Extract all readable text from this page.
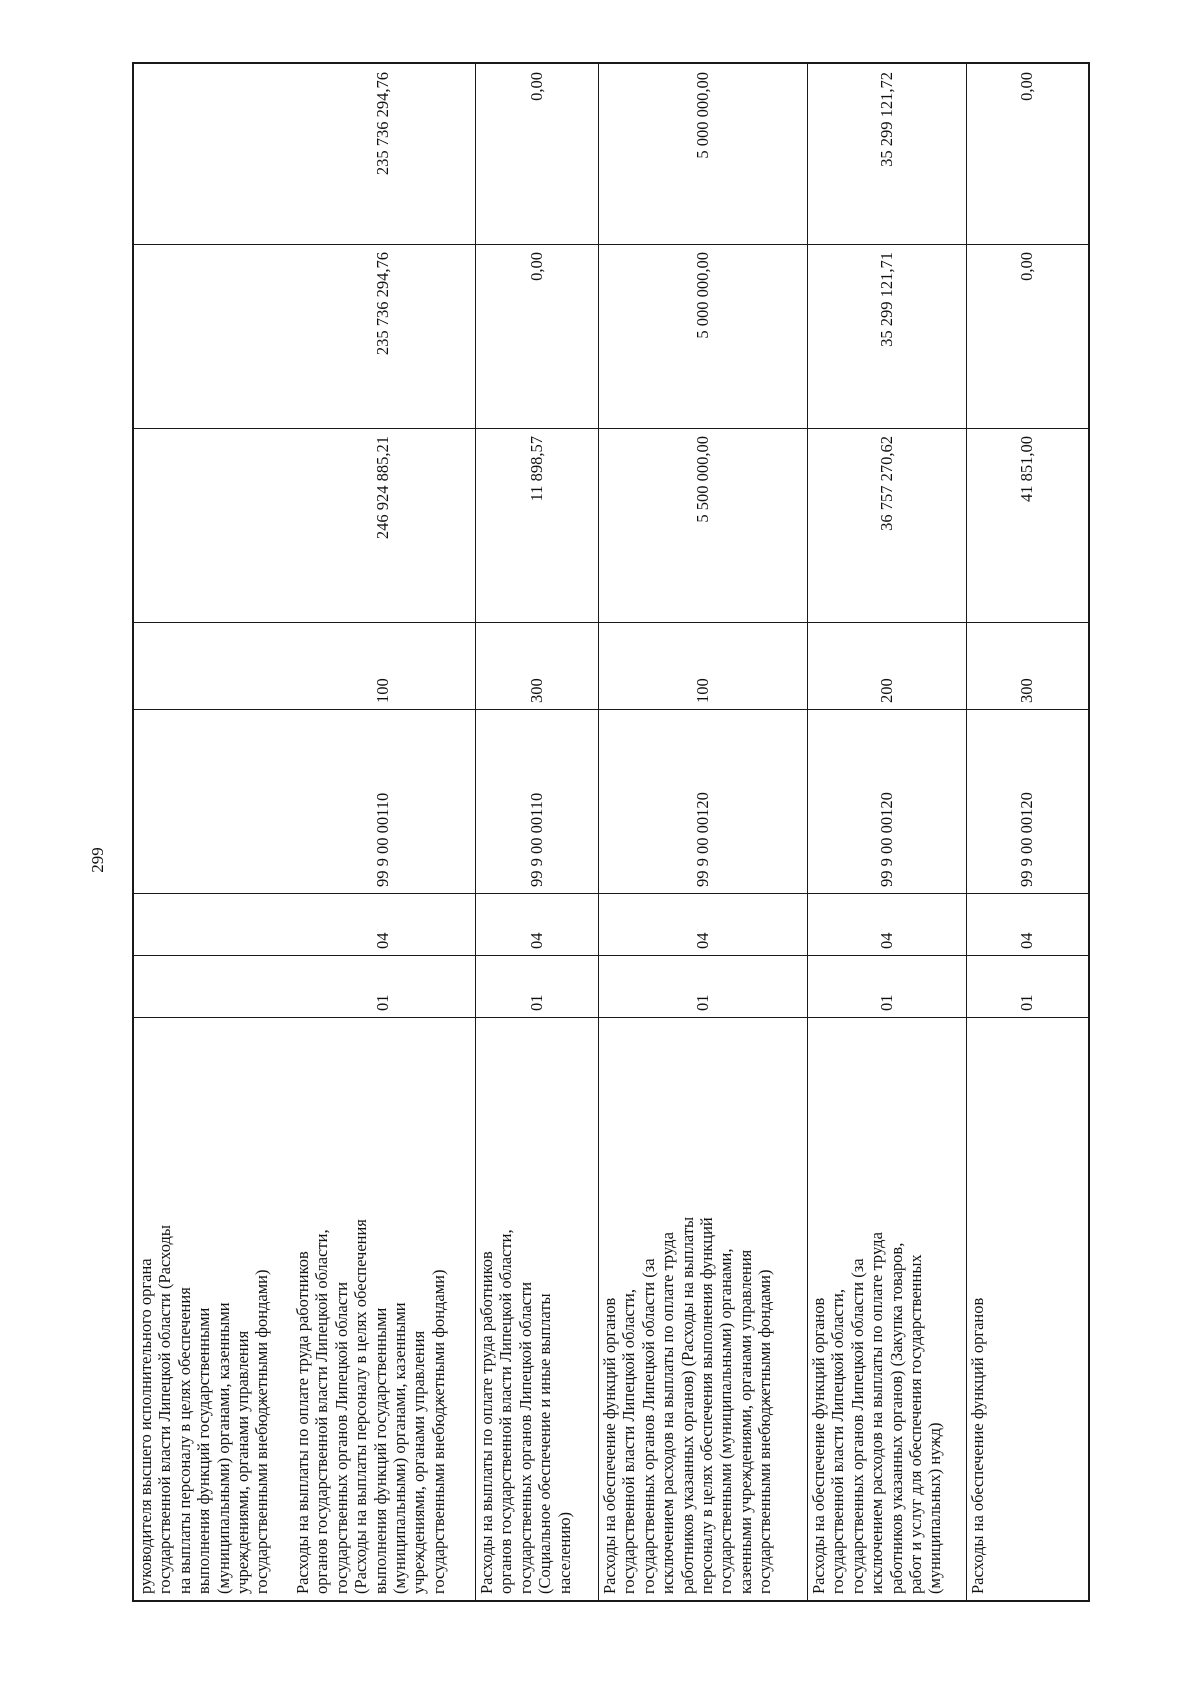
299
руководителя высшего исполнительного органа
государственной власти Липецкой области (Расходы
на выплаты персоналу в целях обеспечения
выполнения функций государственными
(муниципальными) органами, казенными
учреждениями, органами управления
государственными внебюджетными фондами)
235 736 294,76
235 736 294,76
246 924 885,21
100
99 9 00 00110
04
01
Расходы на выплаты по оплате труда работников
органов государственной власти Липецкой области,
государственных органов Липецкой области
(Расходы на выплаты персоналу в целях обеспечения
выполнения функций государственными
(муниципальными) органами, казенными
учреждениями, органами управления
государственными внебюджетными фондами)
0,00
0,00
11 898,57
300
99 9 00 00110
04
01
Расходы на выплаты по оплате труда работников
органов государственной власти Липецкой области,
государственных органов Липецкой области
(Социальное обеспечение и иные выплаты
населению)
5 000 000,00
5 000 000,00
5 500 000,00
100
99 9 00 00120
04
01
Расходы на обеспечение функций органов
государственной власти Липецкой области,
государственных органов Липецкой области (за
исключением расходов на выплаты по оплате труда
работников указанных органов) (Расходы на выплаты
персоналу в целях обеспечения выполнения функций
государственными (муниципальными) органами,
казенными учреждениями, органами управления
государственными внебюджетными фондами)
35 299 121,72
35 299 121,71
36 757 270,62
200
99 9 00 00120
04
01
Расходы на обеспечение функций органов
государственной власти Липецкой области,
государственных органов Липецкой области (за
исключением расходов на выплаты по оплате труда
работников указанных органов) (Закупка товаров,
работ и услуг для обеспечения государственных
(муниципальных) нужд)
0,00
0,00
41 851,00
300
99 9 00 00120
04
01
Расходы на обеспечение функций органов
